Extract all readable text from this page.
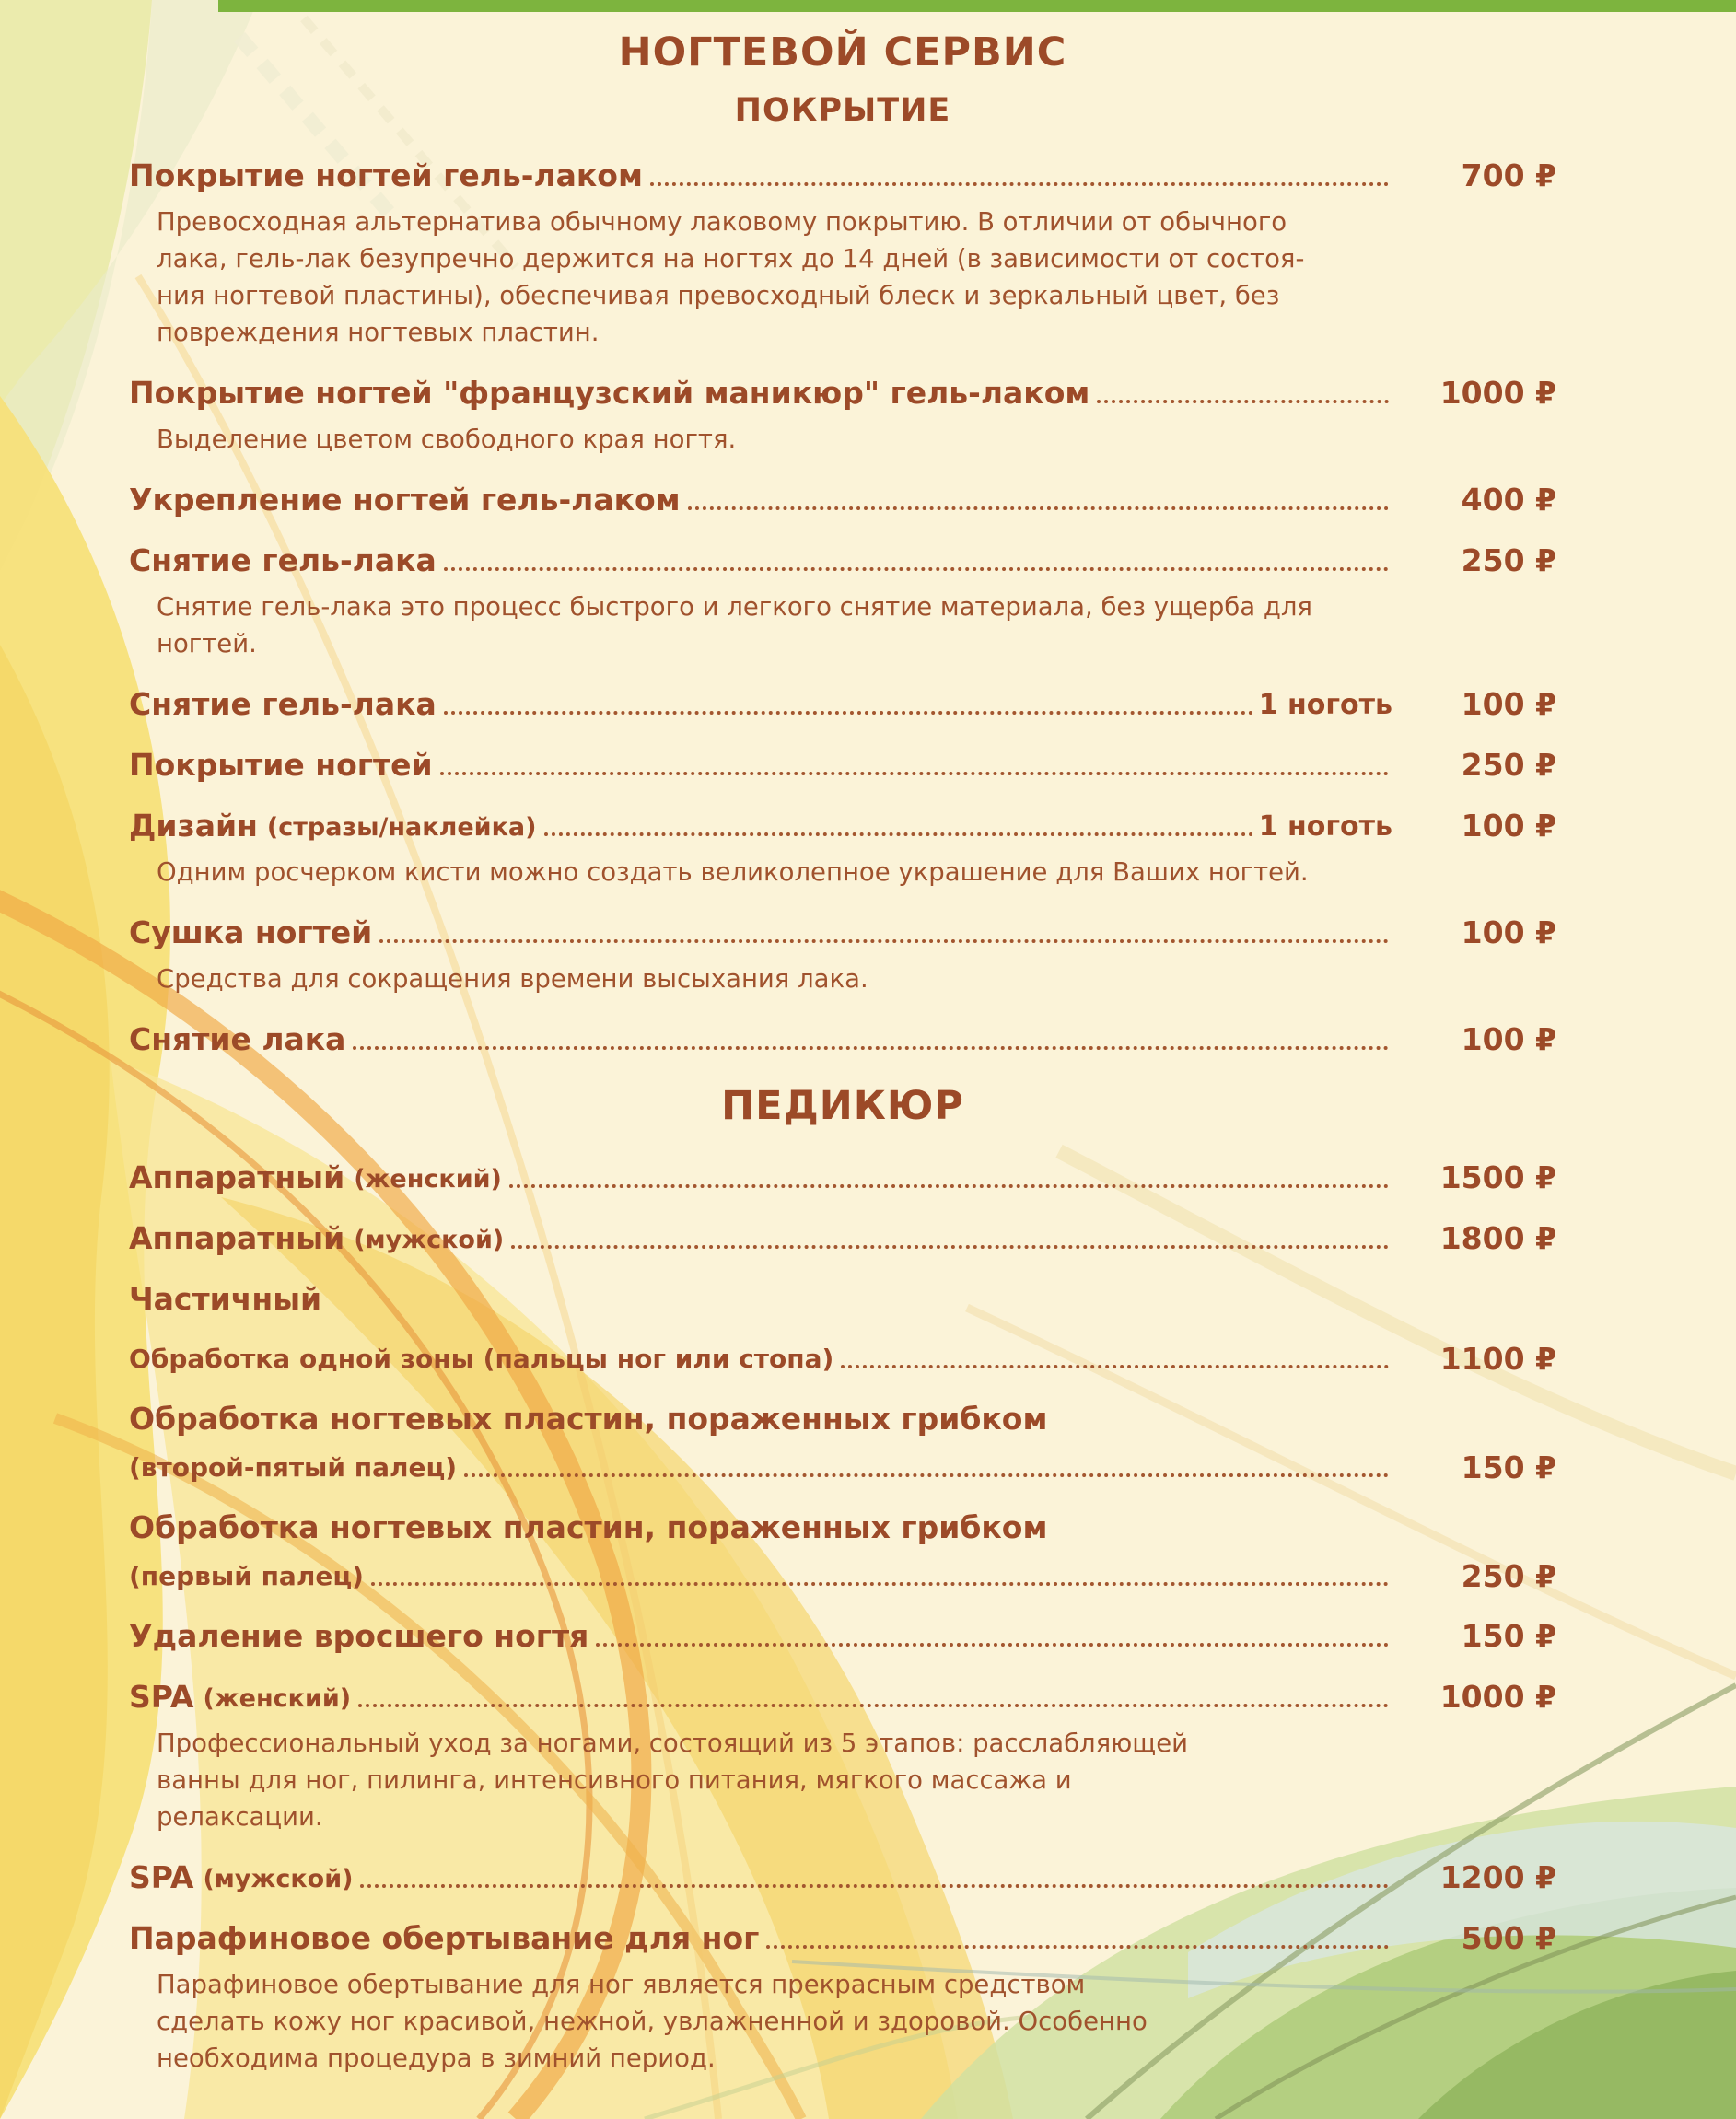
НОГТЕВОЙ СЕРВИС
ПОКРЫТИЕ
Покрытие ногтей гель-лаком	700 ₽
Превосходная альтернатива обычному лаковому покрытию. В отличии от обычного
лака, гель-лак безупречно держится на ногтях до 14 дней (в зависимости от состоя-
ния ногтевой пластины), обеспечивая превосходный блеск и зеркальный цвет, без
повреждения ногтевых пластин.
Покрытие ногтей "французский маникюр" гель-лаком	1000 ₽
Выделение цветом свободного края ногтя.
Укрепление ногтей гель-лаком	400 ₽
Снятие гель-лака	250 ₽
Снятие гель-лака это процесс быстрого и легкого снятие материала, без ущерба для
ногтей.
Снятие гель-лака	1 ноготь	100 ₽
Покрытие ногтей	250 ₽
Дизайн (стразы/наклейка)	1 ноготь	100 ₽
Одним росчерком кисти можно создать великолепное украшение для Ваших ногтей.
Сушка ногтей	100 ₽
Средства для сокращения времени высыхания лака.
Снятие лака	100 ₽
ПЕДИКЮР
Аппаратный (женский)	1500 ₽
Аппаратный (мужской)	1800 ₽
Частичный
Обработка одной зоны (пальцы ног или стопа)	1100 ₽
Обработка ногтевых пластин, пораженных грибком
(второй-пятый палец)	150 ₽
Обработка ногтевых пластин, пораженных грибком
(первый палец)	250 ₽
Удаление вросшего ногтя	150 ₽
SPA (женский)	1000 ₽
Профессиональный уход за ногами, состоящий из 5 этапов: расслабляющей
ванны для ног, пилинга, интенсивного питания, мягкого массажа и
релаксации.
SPA (мужской)	1200 ₽
Парафиновое обертывание для ног	500 ₽
Парафиновое обертывание для ног является прекрасным средством
сделать кожу ног красивой, нежной, увлажненной и здоровой. Особенно
необходима процедура в зимний период.
